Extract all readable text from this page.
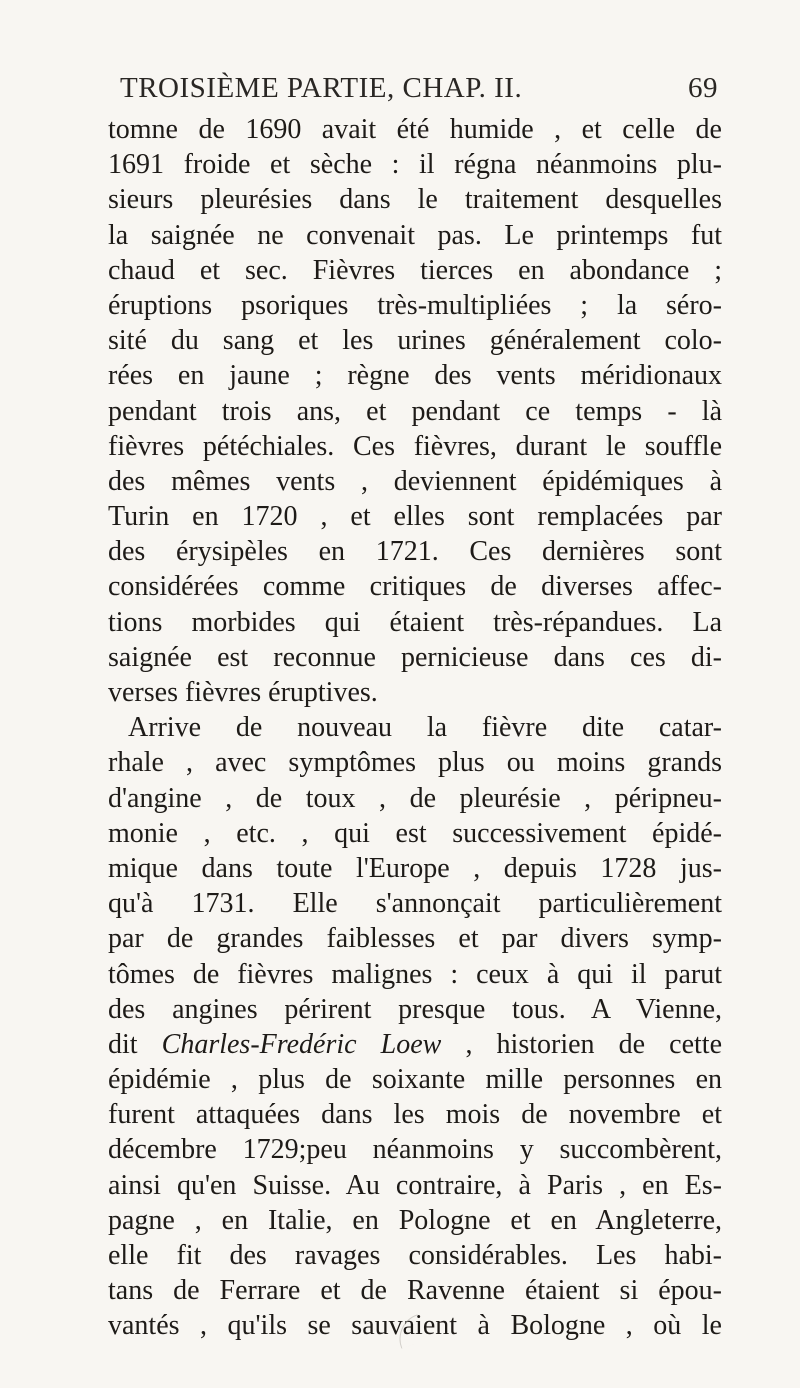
TROISIÈME PARTIE, CHAP. II.	69
tomne de 1690 avait été humide , et celle de
1691 froide et sèche : il régna néanmoins plu-
sieurs pleurésies dans le traitement desquelles
la saignée ne convenait pas. Le printemps fut
chaud et sec. Fièvres tierces en abondance ;
éruptions psoriques très-multipliées ; la séro-
sité du sang et les urines généralement colo-
rées en jaune ; règne des vents méridionaux
pendant trois ans, et pendant ce temps - là
fièvres pétéchiales. Ces fièvres, durant le souffle
des mêmes vents , deviennent épidémiques à
Turin en 1720 , et elles sont remplacées par
des érysipèles en 1721. Ces dernières sont
considérées comme critiques de diverses affec-
tions morbides qui étaient très-répandues. La
saignée est reconnue pernicieuse dans ces di-
verses fièvres éruptives.
Arrive de nouveau la fièvre dite catar-
rhale , avec symptômes plus ou moins grands
d'angine , de toux , de pleurésie , péripneu-
monie , etc. , qui est successivement épidé-
mique dans toute l'Europe , depuis 1728 jus-
qu'à 1731. Elle s'annonçait particulièrement
par de grandes faiblesses et par divers symp-
tômes de fièvres malignes : ceux à qui il parut
des angines périrent presque tous. A Vienne,
dit Charles-Fredéric Loew , historien de cette
épidémie , plus de soixante mille personnes en
furent attaquées dans les mois de novembre et
décembre 1729;peu néanmoins y succombèrent,
ainsi qu'en Suisse. Au contraire, à Paris , en Es-
pagne , en Italie, en Pologne et en Angleterre,
elle fit des ravages considérables. Les habi-
tans de Ferrare et de Ravenne étaient si épou-
vantés , qu'ils se sauvaient à Bologne , où le
